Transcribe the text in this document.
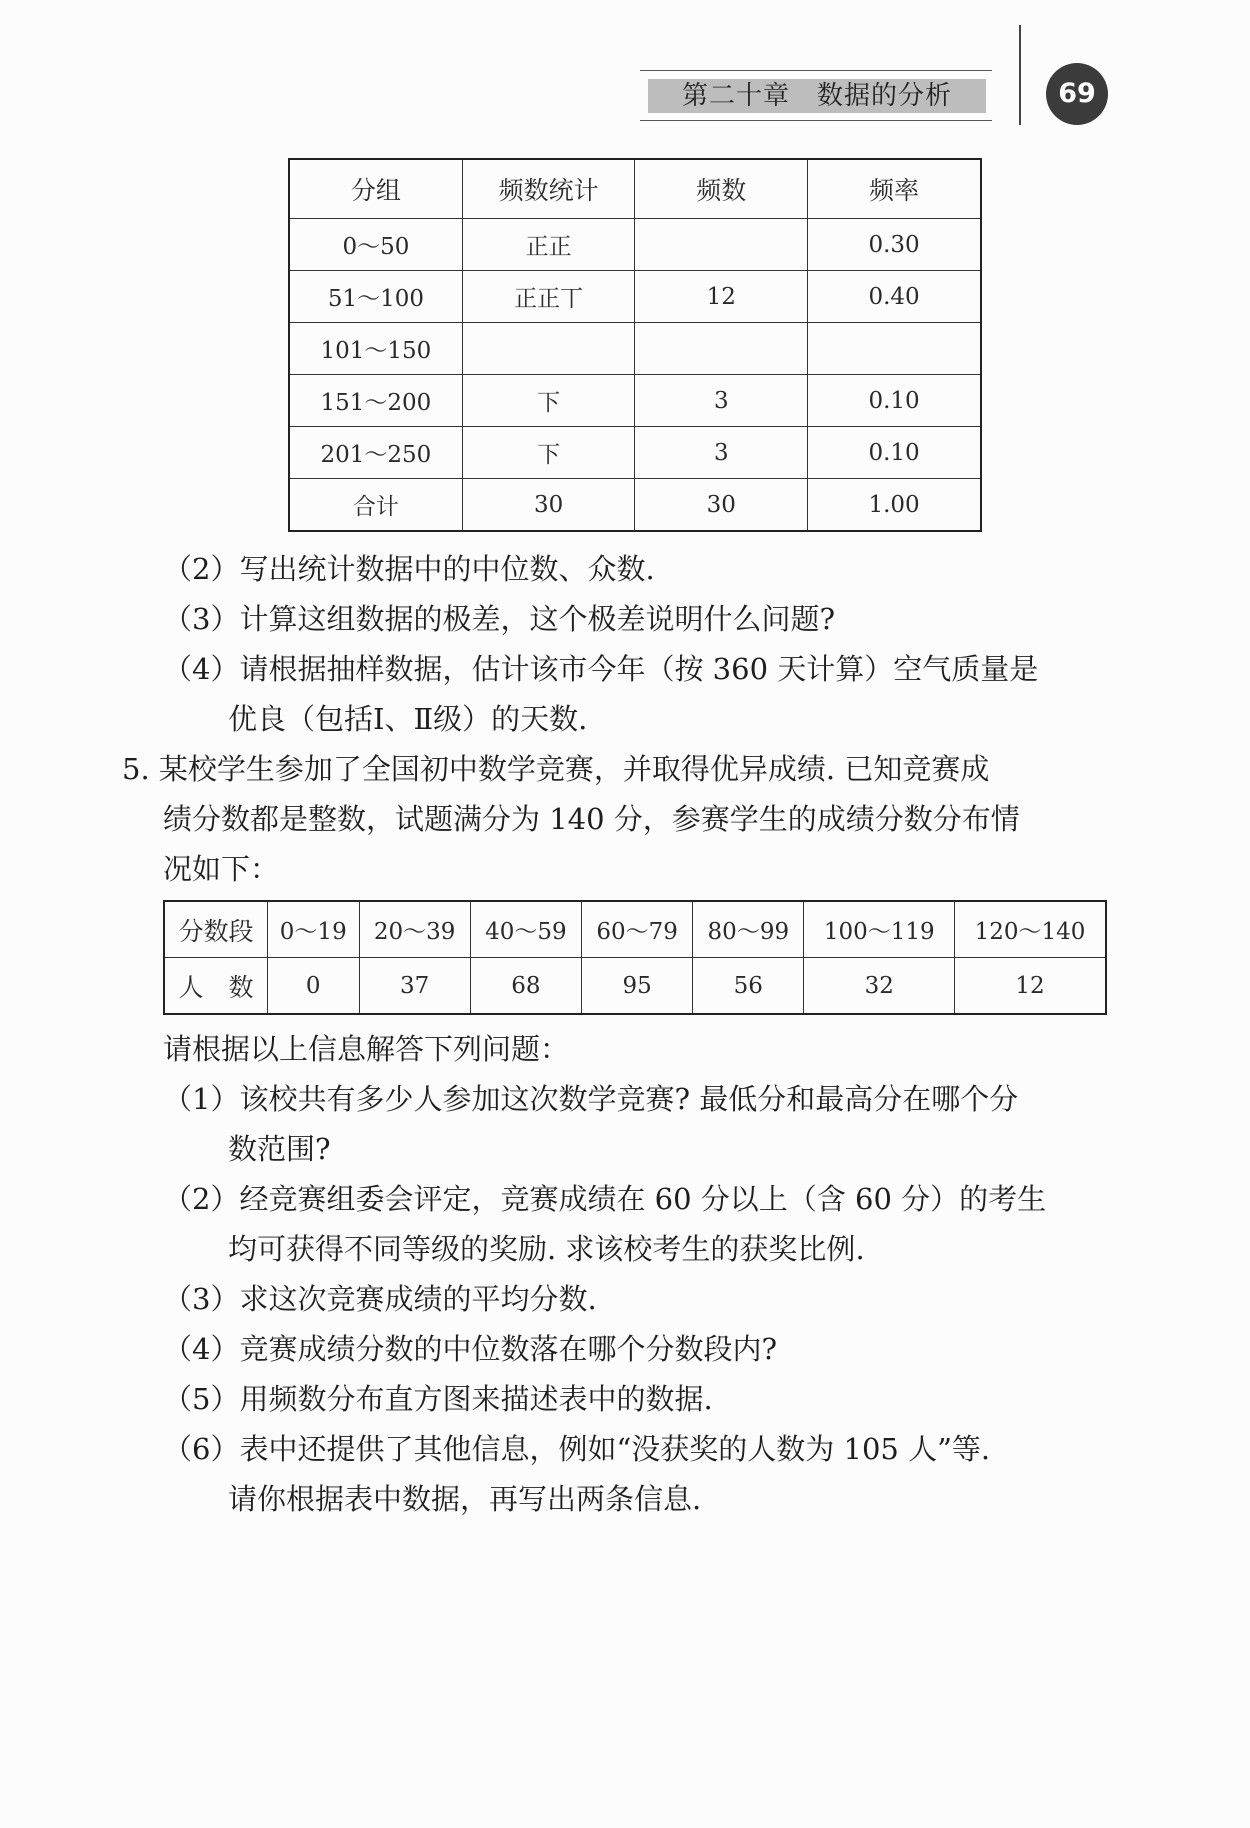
第二十章　数据的分析	69
分组	频数统计	频数	频率
0～50	正正		0.30
51～100	正正丅	12	0.40
101～150			
151～200	下	3	0.10
201～250	下	3	0.10
合计	30	30	1.00
（2）写出统计数据中的中位数、众数.
（3）计算这组数据的极差，这个极差说明什么问题?
（4）请根据抽样数据，估计该市今年（按 360 天计算）空气质量是
优良（包括Ⅰ、Ⅱ级）的天数.
5. 某校学生参加了全国初中数学竞赛，并取得优异成绩. 已知竞赛成
绩分数都是整数，试题满分为 140 分，参赛学生的成绩分数分布情
况如下：
分数段	0～19	20～39	40～59	60～79	80～99	100～119	120～140
人　数	0	37	68	95	56	32	12
请根据以上信息解答下列问题：
（1）该校共有多少人参加这次数学竞赛? 最低分和最高分在哪个分
数范围?
（2）经竞赛组委会评定，竞赛成绩在 60 分以上（含 60 分）的考生
均可获得不同等级的奖励. 求该校考生的获奖比例.
（3）求这次竞赛成绩的平均分数.
（4）竞赛成绩分数的中位数落在哪个分数段内?
（5）用频数分布直方图来描述表中的数据.
（6）表中还提供了其他信息，例如“没获奖的人数为 105 人”等.
请你根据表中数据，再写出两条信息.
